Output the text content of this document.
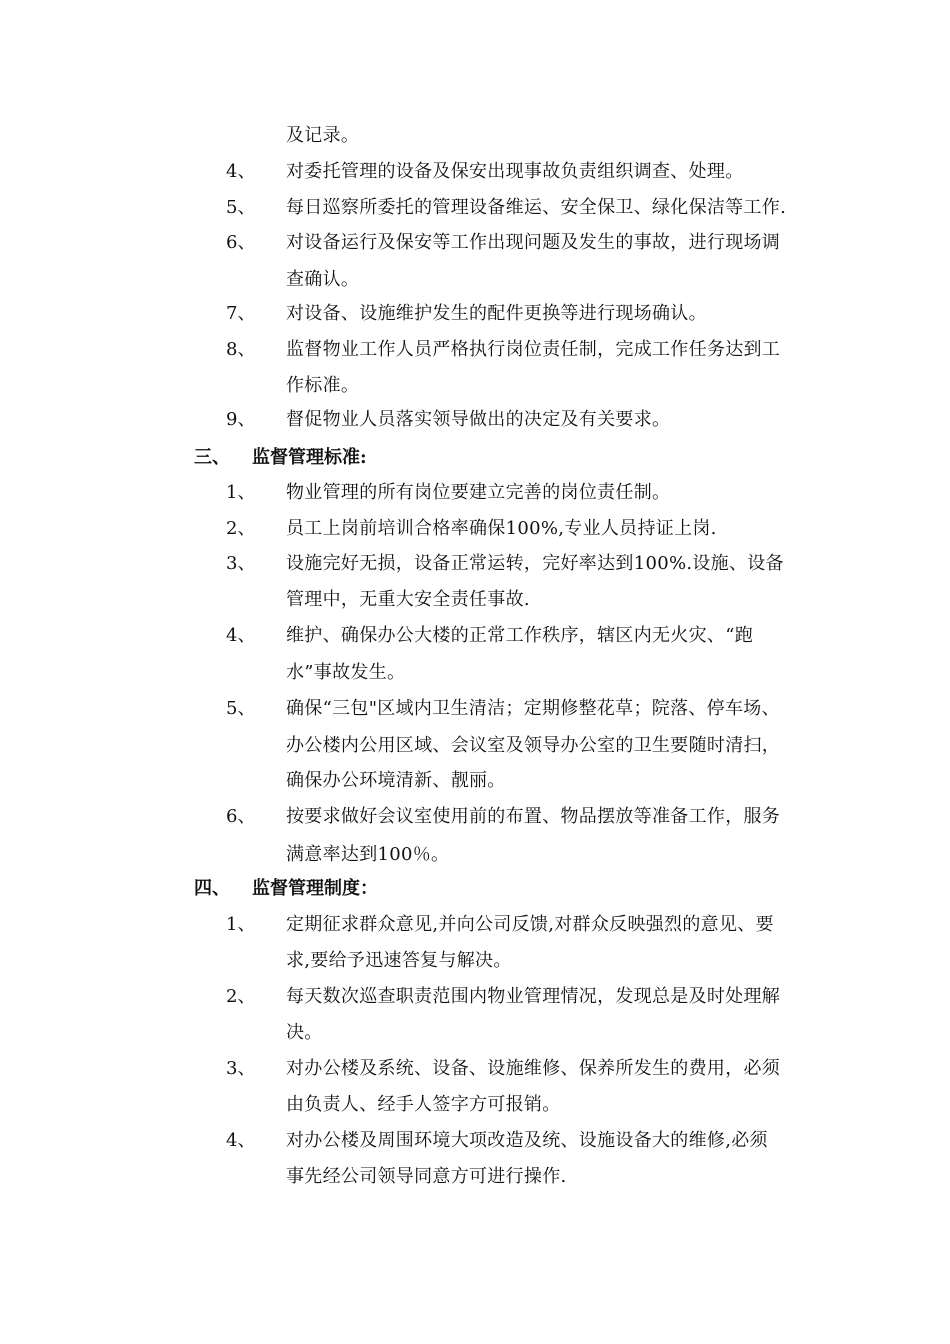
及记录。
4、 对委托管理的设备及保安出现事故负责组织调查、处理。
5、 每日巡察所委托的管理设备维运、安全保卫、绿化保洁等工作.
6、 对设备运行及保安等工作出现问题及发生的事故，进行现场调
查确认。
7、 对设备、设施维护发生的配件更换等进行现场确认。
8、 监督物业工作人员严格执行岗位责任制，完成工作任务达到工
作标准。
9、 督促物业人员落实领导做出的决定及有关要求。
三、 监督管理标准:
1、 物业管理的所有岗位要建立完善的岗位责任制。
2、 员工上岗前培训合格率确保100%,专业人员持证上岗.
3、 设施完好无损，设备正常运转，完好率达到100%.设施、设备
管理中，无重大安全责任事故.
4、 维护、确保办公大楼的正常工作秩序，辖区内无火灾、“跑
水”事故发生。
5、 确保“三包"区域内卫生清洁；定期修整花草；院落、停车场、
办公楼内公用区域、会议室及领导办公室的卫生要随时清扫，
确保办公环境清新、靓丽。
6、 按要求做好会议室使用前的布置、物品摆放等准备工作，服务
满意率达到100％。
四、 监督管理制度：
1、 定期征求群众意见,并向公司反馈,对群众反映强烈的意见、要
求,要给予迅速答复与解决。
2、 每天数次巡查职责范围内物业管理情况，发现总是及时处理解
决。
3、 对办公楼及系统、设备、设施维修、保养所发生的费用，必须
由负责人、经手人签字方可报销。
4、 对办公楼及周围环境大项改造及统、设施设备大的维修,必须
事先经公司领导同意方可进行操作.
